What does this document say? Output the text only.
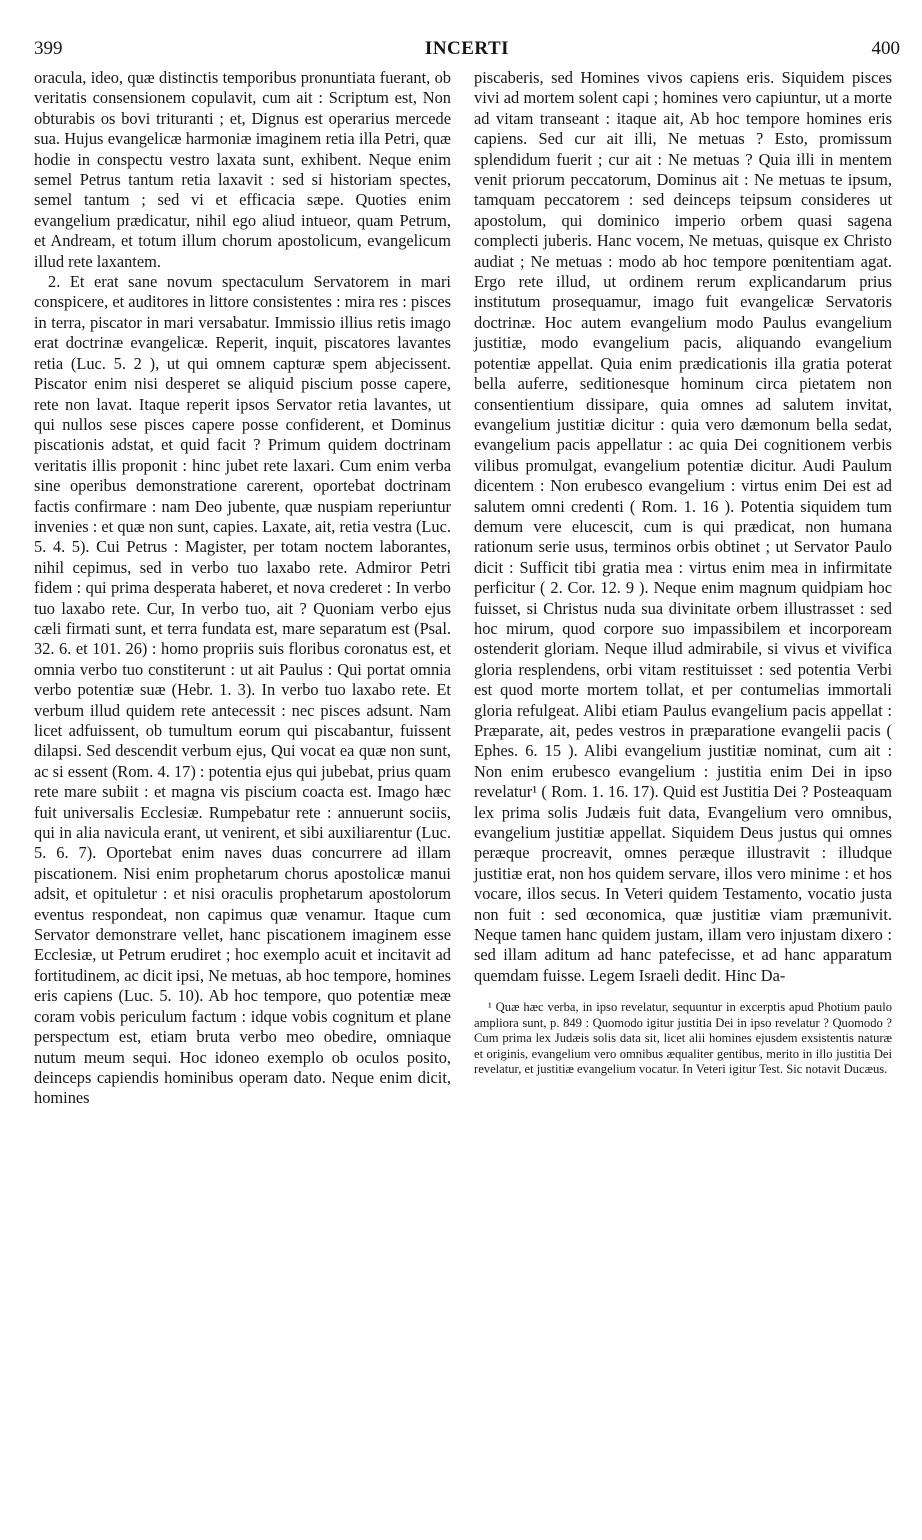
399	INCERTI	400

oracula, ideo, quæ distinctis temporibus pronuntiata fuerant, ob veritatis consensionem copulavit, cum ait : Scriptum est, Non obturabis os bovi trituranti ; et, Dignus est operarius mercede sua. Hujus evangelicæ harmoniæ imaginem retia illa Petri, quæ hodie in conspectu vestro laxata sunt, exhibent. Neque enim semel Petrus tantum retia laxavit : sed si historiam spectes, semel tantum ; sed vi et efficacia sæpe. Quoties enim evangelium prædicatur, nihil ego aliud intueor, quam Petrum, et Andream, et totum illum chorum apostolicum, evangelicum illud rete laxantem.

2. Et erat sane novum spectaculum Servatorem in mari conspicere, et auditores in littore consistentes : mira res : pisces in terra, piscator in mari versabatur. Immissio illius retis imago erat doctrinæ evangelicæ. Reperit, inquit, piscatores lavantes retia (Luc. 5. 2 ), ut qui omnem capturæ spem abjecissent. Piscator enim nisi desperet se aliquid piscium posse capere, rete non lavat. Itaque reperit ipsos Servator retia lavantes, ut qui nullos sese pisces capere posse confiderent, et Dominus piscationis adstat, et quid facit ? Primum quidem doctrinam veritatis illis proponit : hinc jubet rete laxari. Cum enim verba sine operibus demonstratione carerent, oportebat doctrinam factis confirmare : nam Deo jubente, quæ nuspiam reperiuntur invenies : et quæ non sunt, capies. Laxate, ait, retia vestra (Luc. 5. 4. 5). Cui Petrus : Magister, per totam noctem laborantes, nihil cepimus, sed in verbo tuo laxabo rete. Admiror Petri fidem : qui prima desperata haberet, et nova crederet : In verbo tuo laxabo rete. Cur, In verbo tuo, ait ? Quoniam verbo ejus cæli firmati sunt, et terra fundata est, mare separatum est (Psal. 32. 6. et 101. 26) : homo propriis suis floribus coronatus est, et omnia verbo tuo constiterunt : ut ait Paulus : Qui portat omnia verbo potentiæ suæ (Hebr. 1. 3). In verbo tuo laxabo rete. Et verbum illud quidem rete antecessit : nec pisces adsunt. Nam licet adfuissent, ob tumultum eorum qui piscabantur, fuissent dilapsi. Sed descendit verbum ejus, Qui vocat ea quæ non sunt, ac si essent (Rom. 4. 17) : potentia ejus qui jubebat, prius quam rete mare subiit : et magna vis piscium coacta est. Imago hæc fuit universalis Ecclesiæ. Rumpebatur rete : annuerunt sociis, qui in alia navicula erant, ut venirent, et sibi auxiliarentur (Luc. 5. 6. 7). Oportebat enim naves duas concurrere ad illam piscationem. Nisi enim prophetarum chorus apostolicæ manui adsit, et opituletur : et nisi oraculis prophetarum apostolorum eventus respondeat, non capimus quæ venamur. Itaque cum Servator demonstrare vellet, hanc piscationem imaginem esse Ecclesiæ, ut Petrum erudiret ; hoc exemplo acuit et incitavit ad fortitudinem, ac dicit ipsi, Ne metuas, ab hoc tempore, homines eris capiens (Luc. 5. 10). Ab hoc tempore, quo potentiæ meæ coram vobis periculum factum : idque vobis cognitum et plane perspectum est, etiam bruta verbo meo obedire, omniaque nutum meum sequi. Hoc idoneo exemplo ob oculos posito, deinceps capiendis hominibus operam dato. Neque enim dicit, homines

piscaberis, sed Homines vivos capiens eris. Siquidem pisces vivi ad mortem solent capi ; homines vero capiuntur, ut a morte ad vitam transeant : itaque ait, Ab hoc tempore homines eris capiens. Sed cur ait illi, Ne metuas ? Esto, promissum splendidum fuerit ; cur ait : Ne metuas ? Quia illi in mentem venit priorum peccatorum, Dominus ait : Ne metuas te ipsum, tamquam peccatorem : sed deinceps teipsum consideres ut apostolum, qui dominico imperio orbem quasi sagena complecti juberis. Hanc vocem, Ne metuas, quisque ex Christo audiat ; Ne metuas : modo ab hoc tempore pœnitentiam agat. Ergo rete illud, ut ordinem rerum explicandarum prius institutum prosequamur, imago fuit evangelicæ Servatoris doctrinæ. Hoc autem evangelium modo Paulus evangelium justitiæ, modo evangelium pacis, aliquando evangelium potentiæ appellat. Quia enim prædicationis illa gratia poterat bella auferre, seditionesque hominum circa pietatem non consentientium dissipare, quia omnes ad salutem invitat, evangelium justitiæ dicitur : quia vero dæmonum bella sedat, evangelium pacis appellatur : ac quia Dei cognitionem verbis vilibus promulgat, evangelium potentiæ dicitur. Audi Paulum dicentem : Non erubesco evangelium : virtus enim Dei est ad salutem omni credenti ( Rom. 1. 16 ). Potentia siquidem tum demum vere elucescit, cum is qui prædicat, non humana rationum serie usus, terminos orbis obtinet ; ut Servator Paulo dicit : Sufficit tibi gratia mea : virtus enim mea in infirmitate perficitur ( 2. Cor. 12. 9 ). Neque enim magnum quidpiam hoc fuisset, si Christus nuda sua divinitate orbem illustrasset : sed hoc mirum, quod corpore suo impassibilem et incorpoream ostenderit gloriam. Neque illud admirabile, si vivus et vivifica gloria resplendens, orbi vitam restituisset : sed potentia Verbi est quod morte mortem tollat, et per contumelias immortali gloria refulgeat. Alibi etiam Paulus evangelium pacis appellat : Præparate, ait, pedes vestros in præparatione evangelii pacis ( Ephes. 6. 15 ). Alibi evangelium justitiæ nominat, cum ait : Non enim erubesco evangelium : justitia enim Dei in ipso revelatur¹ ( Rom. 1. 16. 17). Quid est Justitia Dei ? Posteaquam lex prima solis Judæis fuit data, Evangelium vero omnibus, evangelium justitiæ appellat. Siquidem Deus justus qui omnes peræque procreavit, omnes peræque illustravit : illudque justitiæ erat, non hos quidem servare, illos vero minime : et hos vocare, illos secus. In Veteri quidem Testamento, vocatio justa non fuit : sed œconomica, quæ justitiæ viam præmunivit. Neque tamen hanc quidem justam, illam vero injustam dixero : sed illam aditum ad hanc patefecisse, et ad hanc apparatum quemdam fuisse. Legem Israeli dedit. Hinc Da-

¹ Quæ hæc verba, in ipso revelatur, sequuntur in excerptis apud Photium paulo ampliora sunt, p. 849 : Quomodo igitur justitia Dei in ipso revelatur ? Quomodo ? Cum prima lex Judæis solis data sit, licet alii homines ejusdem exsistentis naturæ et originis, evangelium vero omnibus æqualiter gentibus, merito in illo justitia Dei revelatur, et justitiæ evangelium vocatur. In Veteri igitur Test. Sic notavit Ducæus.
